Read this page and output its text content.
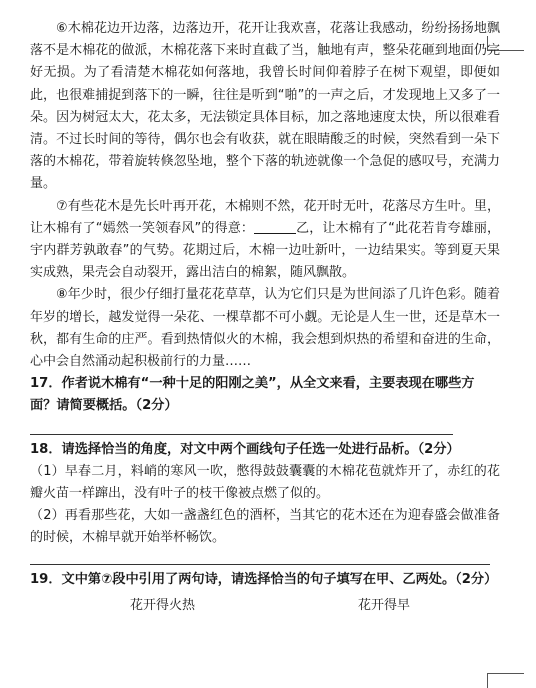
⑥木棉花边开边落，边落边开，花开让我欢喜，花落让我感动，纷纷扬扬地飘落不是木棉花的做派，木棉花落下来时直截了当，触地有声，整朵花砸到地面仍完好无损。为了看清楚木棉花如何落地，我曾长时间仰着脖子在树下观望，即便如此，也很难捕捉到落下的一瞬，往往是听到“啪”的一声之后，才发现地上又多了一朵。因为树冠太大，花太多，无法锁定具体目标，加之落地速度太快，所以很难看清。不过长时间的等待，偶尔也会有收获，就在眼睛酸乏的时候，突然看到一朵下落的木棉花，带着旋转倏忽坠地，整个下落的轨迹就像一个急促的感叹号，充满力量。

⑦有些花木是先长叶再开花，木棉则不然，花开时无叶，花落尽方生叶。里，让木棉有了“嫣然一笑领春风”的得意：	乙，让木棉有了“此花若肯夸雄丽，宇内群芳孰敢春”的气势。花期过后，木棉一边吐新叶，一边结果实。等到夏天果实成熟，果壳会自动裂开，露出洁白的棉絮，随风飘散。

⑧年少时，很少仔细打量花花草草，认为它们只是为世间添了几许色彩。随着年岁的增长，越发觉得一朵花、一棵草都不可小觑。无论是人生一世，还是草木一秋，都有生命的庄严。看到热情似火的木棉，我会想到炽热的希望和奋进的生命，心中会自然涌动起积极前行的力量……

17．作者说木棉有“一种十足的阳刚之美”，从全文来看，主要表现在哪些方面？请简要概括。（2分）

18．请选择恰当的角度，对文中两个画线句子任选一处进行品析。（2分）

（1）早春二月，料峭的寒风一吹，憋得鼓鼓囊囊的木棉花苞就炸开了，赤红的花瓣火苗一样蹿出，没有叶子的枝干像被点燃了似的。

（2）再看那些花，大如一盏盏红色的酒杯，当其它的花木还在为迎春盛会做准备的时候，木棉早就开始举杯畅饮。

19．文中第⑦段中引用了两句诗，请选择恰当的句子填写在甲、乙两处。（2分）

花开得火热	花开得早
